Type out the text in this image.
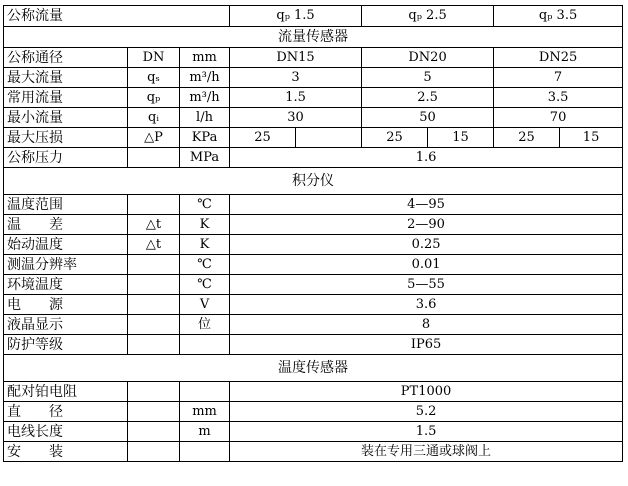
公称流量			qₚ 1.5		qₚ 2.5		qₚ 3.5	
流量传感器								
公称通径	DN	mm	DN15		DN20		DN25	
最大流量	qₛ	m³/h	3		5		7	
常用流量	qₚ	m³/h	1.5		2.5		3.5	
最小流量	qᵢ	l/h	30		50		70	
最大压损	△P	KPa	25		25	15	25	15
公称压力		MPa	1.6					
积分仪								
温度范围		℃	4—95					
温　　差	△t	K	2—90					
始动温度	△t	K	0.25					
测温分辨率		℃	0.01					
环境温度		℃	5—55					
电　　源		V	3.6					
液晶显示		位	8					
防护等级			IP65					
温度传感器								
配对铂电阻			PT1000					
直　　径		mm	5.2					
电线长度		m	1.5					
安　　装			装在专用三通或球阀上					
